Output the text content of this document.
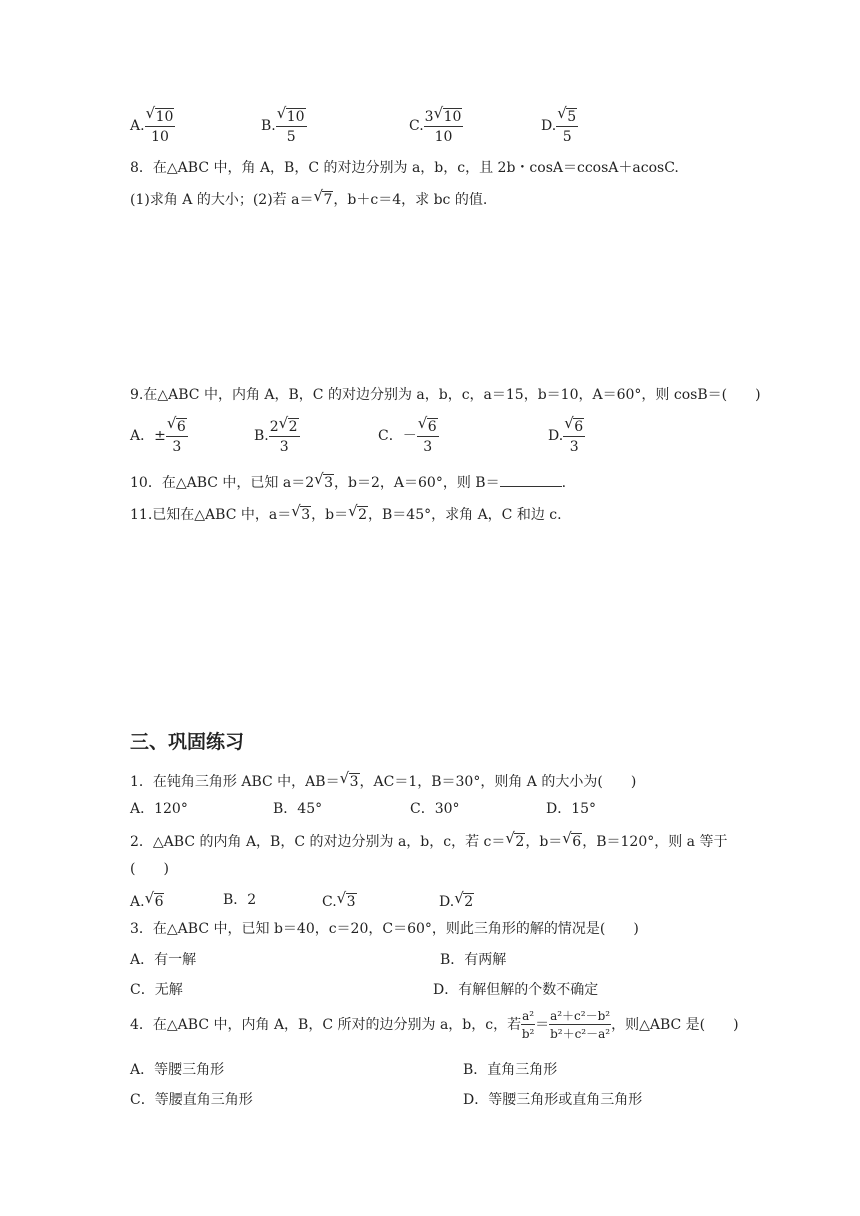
A. $\frac{√ 10}{10}$	B. $\frac{√ 10}{5}$	C. $\frac{3 √ 10}{10}$	D. $\frac{√ 5}{5}$
8．在△ABC 中，角 A，B，C 的对边分别为 a，b，c，且 2b・cosA＝ccosA＋acosC.
(1)求角 A 的大小；(2)若 a＝ √ 7，b＋c＝4，求 bc 的值.
9.在△ABC 中，内角 A，B，C 的对边分别为 a，b，c，a＝15，b＝10，A＝60°，则 cosB＝( )
A．± $\frac{√ 6}{3}$	B. $\frac{2 √ 2}{3}$	C．－ $\frac{√ 6}{3}$	D. $\frac{√ 6}{3}$
10．在△ABC 中，已知 a＝2 √ 3，b＝2，A＝60°，则 B＝	.
11.已知在△ABC 中，a＝ √ 3，b＝ √ 2，B＝45°，求角 A，C 和边 c.
三、巩固练习
1．在钝角三角形 ABC 中，AB＝ √ 3，AC＝1，B＝30°，则角 A 的大小为( )
A．120°	B．45°	C．30°	D．15°
2．△ABC 的内角 A，B，C 的对边分别为 a，b，c，若 c＝ √ 2，b＝ √ 6，B＝120°，则 a 等于
( )
A. √ 6	B．2	C. √ 3	D. √ 2
3．在△ABC 中，已知 b＝40，c＝20，C＝60°，则此三角形的解的情况是( )
A．有一解	B．有两解
C．无解	D．有解但解的个数不确定
4．在△ABC 中，内角 A，B，C 所对的边分别为 a，b，c，若 $\frac{\text{a²}}{\text{b²}} = \frac{\text{a²＋c²－b²}}{\text{b²＋c²－a²}}$ ，则△ABC 是( )
A．等腰三角形	B．直角三角形
C．等腰直角三角形	D．等腰三角形或直角三角形
